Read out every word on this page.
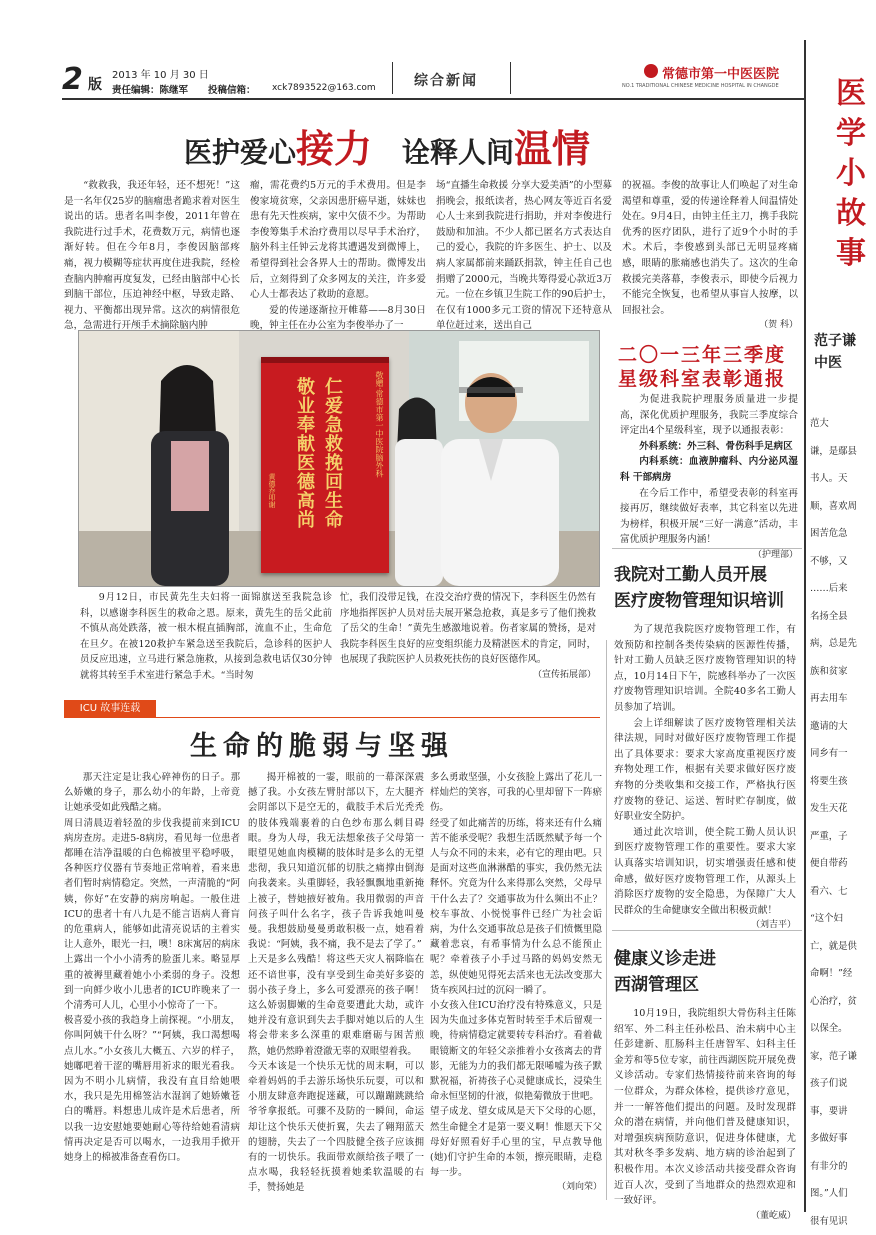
2 版
2013 年 10 月 30 日
责任编辑：陈继军 投稿信箱： xck7893522@163.com	综合新闻	常德市第一中医医院
NO.1 TRADITIONAL CHINESE MEDICINE HOSPITAL IN CHANGDE
医护爱心接力 诠释人间温情

“救救我，我还年轻，还不想死！”这是一名年仅25岁的脑瘤患者跪求着对医生说出的话。患者名叫李俊，2011年曾在我院进行过手术，花费数万元，病情也逐渐好转。但在今年8月，李俊因脑部疼痛，视力模糊等症状再度住进我院，经检查脑内肿瘤再度复发，已经由脑部中心长到脑干部位，压迫神经中枢，导致走路、视力、平衡都出现异常。这次的病情很危急，急需进行开颅手术摘除脑内肿

瘤，需花费约5万元的手术费用。但是李俊家境贫寒，父亲因患肝癌早逝，妹妹也患有先天性疾病，家中欠债不少。为帮助李俊筹集手术治疗费用以尽早手术治疗，脑外科主任钟云龙将其遭遇发到微博上，希望得到社会各界人士的帮助。微博发出后，立刻得到了众多网友的关注，许多爱心人士都表达了救助的意愿。

爱的传递逐渐拉开帷幕——8月30日晚，钟主任在办公室为李俊举办了一

场“直播生命救援 分享大爱美酒”的小型募捐晚会，报纸读者，热心网友等近百名爱心人士来到我院进行捐助，并对李俊进行鼓励和加油。不少人都已匿名方式表达自己的爱心，我院的许多医生、护士、以及病人家属都前来踊跃捐款，钟主任自己也捐赠了2000元，当晚共筹得爱心款近3万元。一位在乡镇卫生院工作的90后护士，在仅有1000多元工资的情况下还特意从单位赶过来，送出自己

的祝福。李俊的故事让人们唤起了对生命渴望和尊重，爱的传递诠释着人间温情处处在。9月4日，由钟主任主刀，携手我院优秀的医疗团队，进行了近9个小时的手术。术后，李俊感到头部已无明显疼痛感，眼睛的胀痛感也消失了。这次的生命救援完美落幕，李俊表示，即使今后视力不能完全恢复，也希望从事盲人按摩，以回报社会。

（贺 科）
敬赠·常德市第一中医院脑外科
仁爱急救挽回生命
敬业奉献医德高尚
黄德乔叩谢

9月12日，市民黄先生夫妇将一面锦旗送至我院急诊科，以感谢李科医生的救命之恩。原来，黄先生的岳父此前不慎从高处跌落，被一根木棍直插胸部，流血不止，生命危在旦夕。在被120救护车紧急送至我院后，急诊科的医护人员反应迅速，立马进行紧急施救，从接到急救电话仅30分钟就将其转至手术室进行紧急手术。“当时匆

忙，我们没带足钱，在没交治疗费的情况下，李科医生仍然有序地指挥医护人员对岳夫展开紧急抢救，真是多亏了他们挽救了岳父的生命！”黄先生感激地说着。伤者家属的赞扬，是对我院李科医生良好的应变组织能力及精湛医术的肯定，同时，也展现了我院医护人员救死扶伤的良好医德作风。

（宣传拓展部）
二〇一三年三季度
星级科室表彰通报

为促进我院护理服务质量进一步提高，深化优质护理服务，我院三季度综合评定出4个星级科室，现予以通报表彰：

外科系统：外三科、骨伤科手足病区

内科系统：血液肿瘤科、内分泌风湿科 干部病房

在今后工作中，希望受表彰的科室再接再厉，继续做好表率，其它科室以先进为榜样，积极开展“三好一满意”活动，丰富优质护理服务内涵！

（护理部）
我院对工勤人员开展
医疗废物管理知识培训

为了规范我院医疗废物管理工作，有效预防和控制各类传染病的医源性传播，针对工勤人员缺乏医疗废物管理知识的特点，10月14日下午，院感科举办了一次医疗废物管理知识培训。全院40多名工勤人员参加了培训。

会上详细解读了医疗废物管理相关法律法规，同时对做好医疗废物管理工作提出了具体要求：要求大家高度重视医疗废弃物处理工作，根据有关要求做好医疗废弃物的分类收集和交接工作，严格执行医疗废物的登记、运送、暂时贮存制度，做好职业安全防护。

通过此次培训，使全院工勤人员认识到医疗废物管理工作的重要性。要求大家认真落实培训知识，切实增强责任感和使命感，做好医疗废物管理工作，从源头上消除医疗废物的安全隐患，为保障广大人民群众的生命健康安全做出积极贡献！

（刘吉平）
健康义诊走进
西湖管理区

10月19日，我院组织大骨伤科主任陈绍军、外二科主任孙松昌、治未病中心主任彭建新、肛肠科主任唐智军、妇科主任金芳和等5位专家，前往西湖医院开展免费义诊活动。专家们热情接待前来咨询的每一位群众，为群众体检，提供诊疗意见，并一一解答他们提出的问题。及时发现群众的潜在病情，并向他们普及健康知识，对增强疾病预防意识，促进身体健康，尤其对秋冬季多发病、地方病的诊治起到了积极作用。本次义诊活动共接受群众咨询近百人次，受到了当地群众的热烈欢迎和一致好评。

（董屹威）
ICU 故事连载
生命的脆弱与坚强
那天注定是让我心碎神伤的日子。那么娇嫩的身子，那么幼小的年龄，上帝竟让她承受如此残酷之痛。
周日清晨迈着轻盈的步伐我提前来到ICU病房查房。走进5-8病房，看见每一位患者都睡在洁净温暖的白色棉被里平稳呼吸，各种医疗仪器有节奏地正常响着，看来患者们暂时病情稳定。突然，一声清脆的“阿姨，你好”在安静的病房响起。一般住进ICU的患者十有八九是不能言语病人膏肓的危重病人，能够如此清亮说话的主着实让人意外，眼光一扫，噢！8床寓居的病床上露出一个小小清秀的脸蛋儿来。略显厚重的被褥里藏着她小小柔弱的身子。没想到一向鲜少收小儿患者的ICU昨晚来了一个清秀可人儿，心里小小惊奇了一下。
极喜爱小孩的我趋身上前探视。“小朋友，你叫阿姨干什么呀？”“阿姨，我口渴想喝点儿水。”小女孩儿大概五、六岁的样子，她嘟吧着干涩的嘴唇用祈求的眼光看我。因为不明小儿病情，我没有直目给她喂水，我只是先用棉签沾水湿润了她娇嫩苍白的嘴唇。料想患儿成许是术后患者，所以我一边安慰她要她耐心等待给她看清病情再决定是否可以喝水，一边我用手掀开她身上的棉被准备查看伤口。
揭开棉被的一霎，眼前的一幕深深震撼了我。小女孩左臂肘部以下，左大腿齐会阴部以下是空无的，截肢手术后光秃秃的肢体残端裹着的白色纱布那么刺目碍眼。身为人母，我无法想象孩子父母第一眼望见她血肉模糊的肢体时是多么的无望悲彻，我只知道沉郁的切肤之痛撑由倒海向我袭来。头重脚轻，我轻飘飘地重新掩上被子，替她掖好被角。我用微弱的声音问孩子叫什么名字，孩子告诉我她叫曼曼。我想鼓励曼曼勇敢积极一点，她看着我说：“阿姨，我不痛，我不是去了学了。”
上天是多么残酷！将这些天灾人祸降临在还不谙世事，没有享受到生命美好多姿的弱小孩子身上，多么可爱漂亮的孩子啊！这么娇弱脚嫩的生命竟要遭此大劫，或许她并没有意识到失去手脚对她以后的人生将会带来多么深重的艰难磨砺与困苦煎熬，她仍然睁着澄澈无辜的双眼望着我。
今天本该是一个快乐无忧的周末啊，可以牵着妈妈的手去游乐场快乐玩耍，可以和小朋友肆意奔跑捉迷藏，可以蹦蹦跳跳给爷爷拿报纸。可骤不及防的一瞬间，命运却让这个快乐天使折翼，失去了翱翔蓝天的翅膀，失去了一个四肢健全孩子应该拥有的一切快乐。我面带欢颜给孩子喂了一点水喝，我轻轻抚摸着她柔软温暖的右手，赞扬她是
多么勇敢坚强，小女孩脸上露出了花儿一样灿烂的笑容，可我的心里却留下一阵瘀伤。
经受了如此痛苦的历练，将来还有什么痛苦不能承受呢？我想生活既然赋予每一个人与众不同的未来，必有它的理由吧。只是面对这些血淋淋酷的事实，我仍然无法释怀。究竟为什么来得那么突然，父母早干什么去了？交通事故为什么频出不止？校车事故、小悦悦事件已经广为社会诟病，为什么交通事故总是孩子们愤慨里隐藏着悲哀，有希事情为什么总不能预止呢？牵着孩子小手过马路的妈妈安然无恙，纵使她见得死去活来也无法改变那大货车疾风扫过的沉闷一瞬了。
小女孩入住ICU治疗没有特殊意义，只是因为失血过多体克暂时转至手术后留观一晚，待病情稳定就要转专科治疗。看着截眼镜断文的年轻父亲推着小女孩离去的背影，无能为力的我们都无限唏嘘为孩子默默祝福，祈祷孩子心灵健康成长，浸染生命永恒坚韧的什液，似艳菊微放于世吧。
望子成龙、望女成凤是天下父母的心愿，然生命健全才是第一要义啊！惟愿天下父母好好照看好手心里的宝，早点教导他(她)们守护生命的本领，擦亮眼睛，走稳每一步。
（刘向荣）
医
学
小
故
事
范子谦
中医
范大
谦，是鄢县
书人。天
顺，喜欢周
困苦危急
不够，又
……后来
名扬全县
病，总是先
族和贫家
再去用车
邀请的大
同乡有一
将要生孩
发生天花
严重，子
便自带药
看六、七
“这个妇
亡，就是供
命啊！”经
心治疗，贫
以保全。
家，范子谦
孩子们说
事，要讲
多做好事
有非分的
图。”人们
很有见识
